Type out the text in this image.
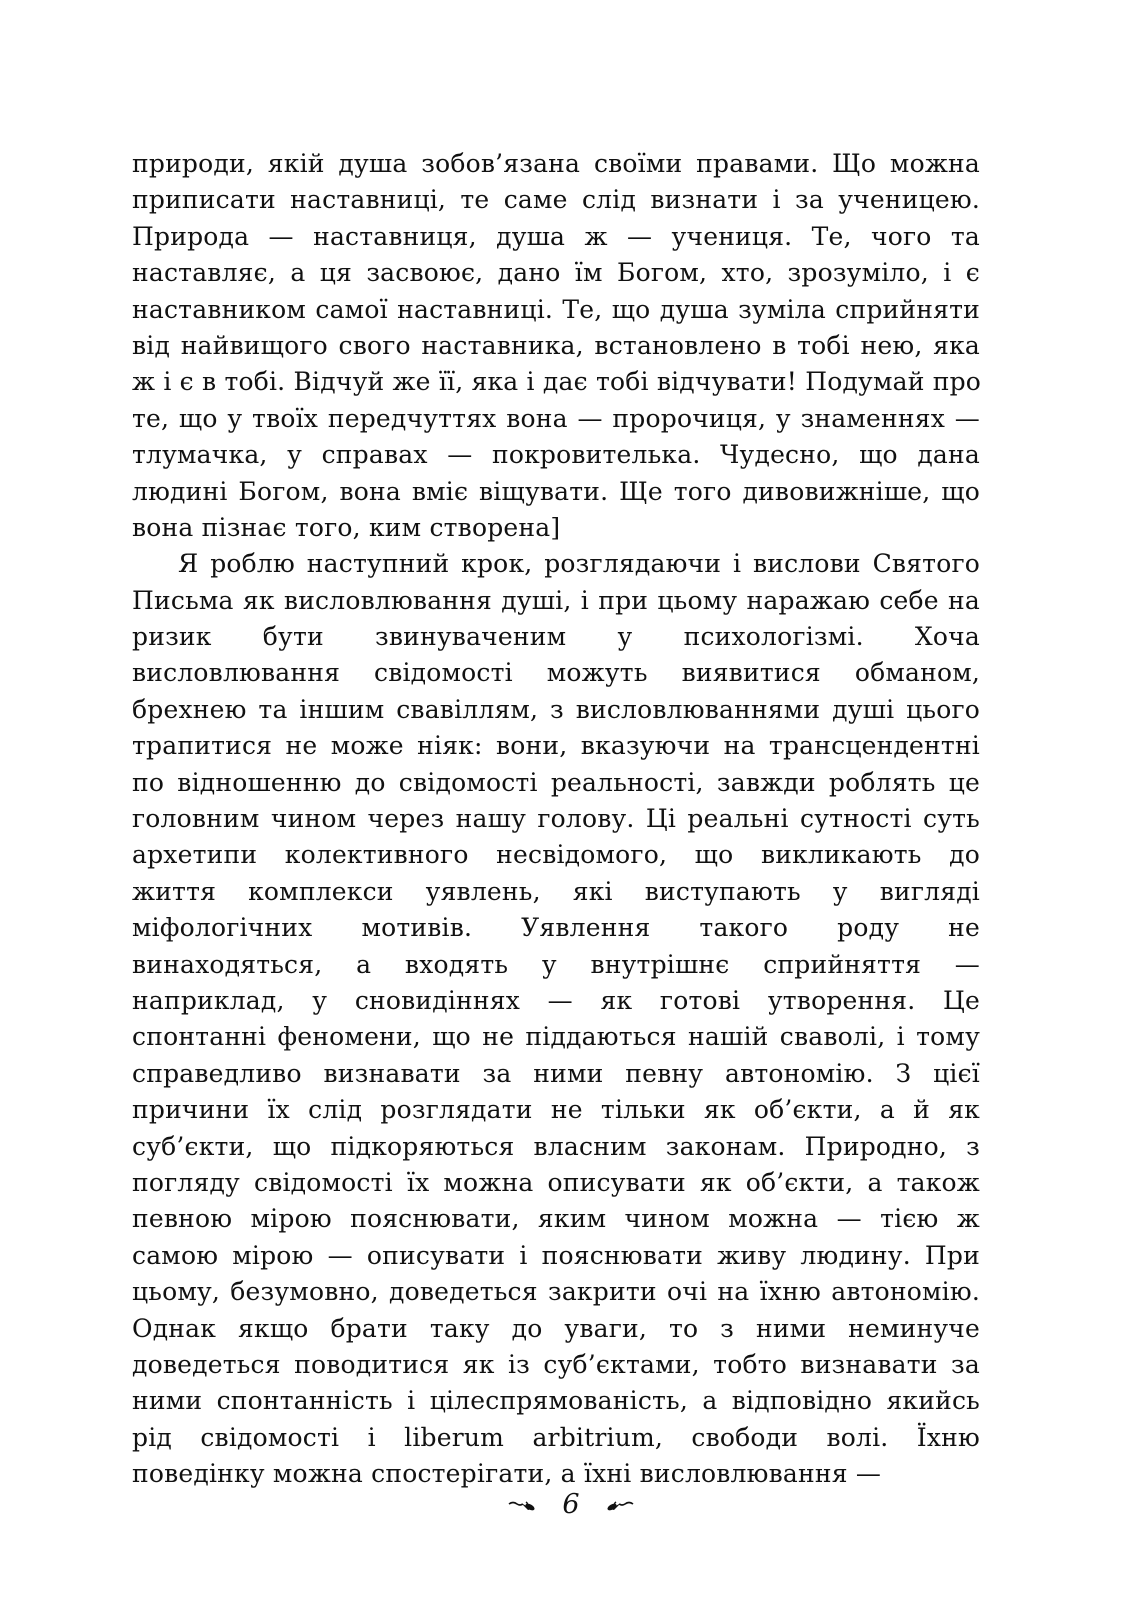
природи, якій душа зобов’язана своїми правами. Що можна
приписати наставниці, те саме слід визнати і за ученицею.
Природа — наставниця, душа ж — учениця. Те, чого та
наставляє, а ця засвоює, дано їм Богом, хто, зрозуміло, і є
наставником самої наставниці. Те, що душа зуміла сприйняти
від найвищого свого наставника, встановлено в тобі нею, яка
ж і є в тобі. Відчуй же її, яка і дає тобі відчувати! Подумай про
те, що у твоїх передчуттях вона — пророчиця, у знаменнях —
тлумачка, у справах — покровителька. Чудесно, що дана
людині Богом, вона вміє віщувати. Ще того дивовижніше, що
вона пізнає того, ким створена]
Я роблю наступний крок, розглядаючи і вислови Святого
Письма як висловлювання душі, і при цьому наражаю себе на
ризик бути звинуваченим у психологізмі. Хоча
висловлювання свідомості можуть виявитися обманом,
брехнею та іншим свавіллям, з висловлюваннями душі цього
трапитися не може ніяк: вони, вказуючи на трансцендентні
по відношенню до свідомості реальності, завжди роблять це
головним чином через нашу голову. Ці реальні сутності суть
архетипи колективного несвідомого, що викликають до
життя комплекси уявлень, які виступають у вигляді
міфологічних мотивів. Уявлення такого роду не
винаходяться, а входять у внутрішнє сприйняття —
наприклад, у сновидіннях — як готові утворення. Це
спонтанні феномени, що не піддаються нашій сваволі, і тому
справедливо визнавати за ними певну автономію. З цієї
причини їх слід розглядати не тільки як об’єкти, а й як
суб’єкти, що підкоряються власним законам. Природно, з
погляду свідомості їх можна описувати як об’єкти, а також
певною мірою пояснювати, яким чином можна — тією ж
самою мірою — описувати і пояснювати живу людину. При
цьому, безумовно, доведеться закрити очі на їхню автономію.
Однак якщо брати таку до уваги, то з ними неминуче
доведеться поводитися як із суб’єктами, тобто визнавати за
ними спонтанність і цілеспрямованість, а відповідно якийсь
рід свідомості і liberum arbitrium, свободи волі. Їхню
поведінку можна спостерігати, а їхні висловлювання —
6
